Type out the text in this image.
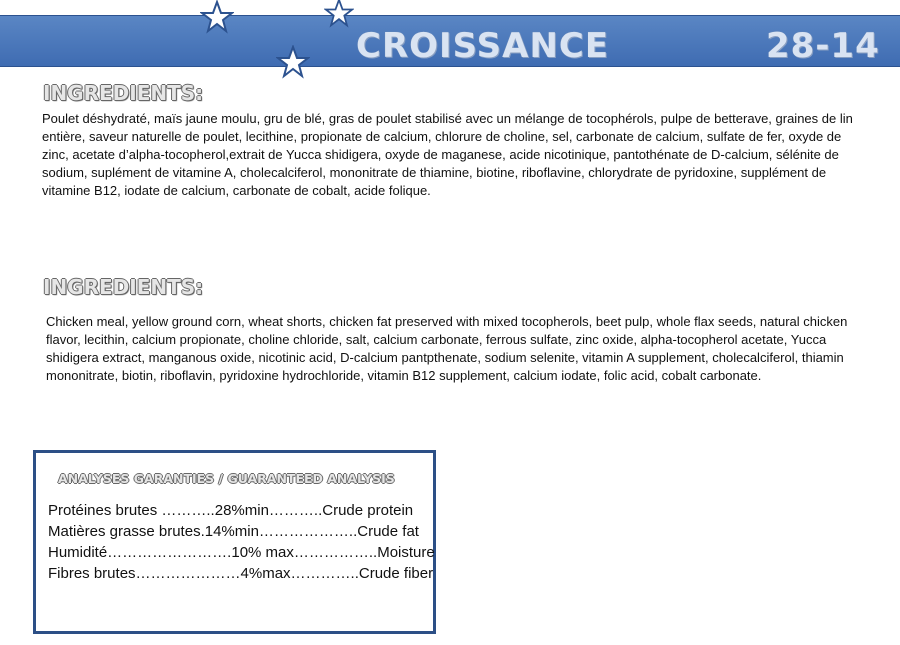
CROISSANCE	28-14
INGREDIENTS:
Poulet déshydraté, maïs jaune moulu, gru de blé, gras de poulet stabilisé avec un mélange de tocophérols, pulpe de betterave, graines de lin entière, saveur naturelle de poulet, lecithine, propionate de calcium, chlorure de choline, sel, carbonate de calcium, sulfate de fer, oxyde de zinc, acetate d’alpha-tocopherol,extrait de Yucca shidigera, oxyde de maganese, acide nicotinique, pantothénate de D-calcium, sélénite de sodium, suplément de vitamine A, cholecalciferol, mononitrate de thiamine, biotine, riboflavine, chlorydrate de pyridoxine, supplément de vitamine B12, iodate de calcium, carbonate de cobalt, acide folique.
INGREDIENTS:
Chicken meal, yellow ground corn, wheat shorts, chicken fat preserved with mixed tocopherols, beet pulp, whole flax seeds, natural chicken flavor, lecithin, calcium propionate, choline chloride, salt, calcium carbonate, ferrous sulfate, zinc oxide, alpha-tocopherol acetate, Yucca shidigera extract, manganous oxide, nicotinic acid, D-calcium pantpthenate, sodium selenite, vitamin A supplement, cholecalciferol, thiamin mononitrate, biotin, riboflavin, pyridoxine hydrochloride, vitamin B12 supplement, calcium iodate, folic acid, cobalt carbonate.
ANALYSES GARANTIES / GUARANTEED ANALYSIS
Protéines brutes ………..28%min………..Crude protein
Matières grasse brutes.14%min………………..Crude fat
Humidité…………………….10% max……………..Moisture
Fibres brutes…………………4%max…………..Crude fiber
